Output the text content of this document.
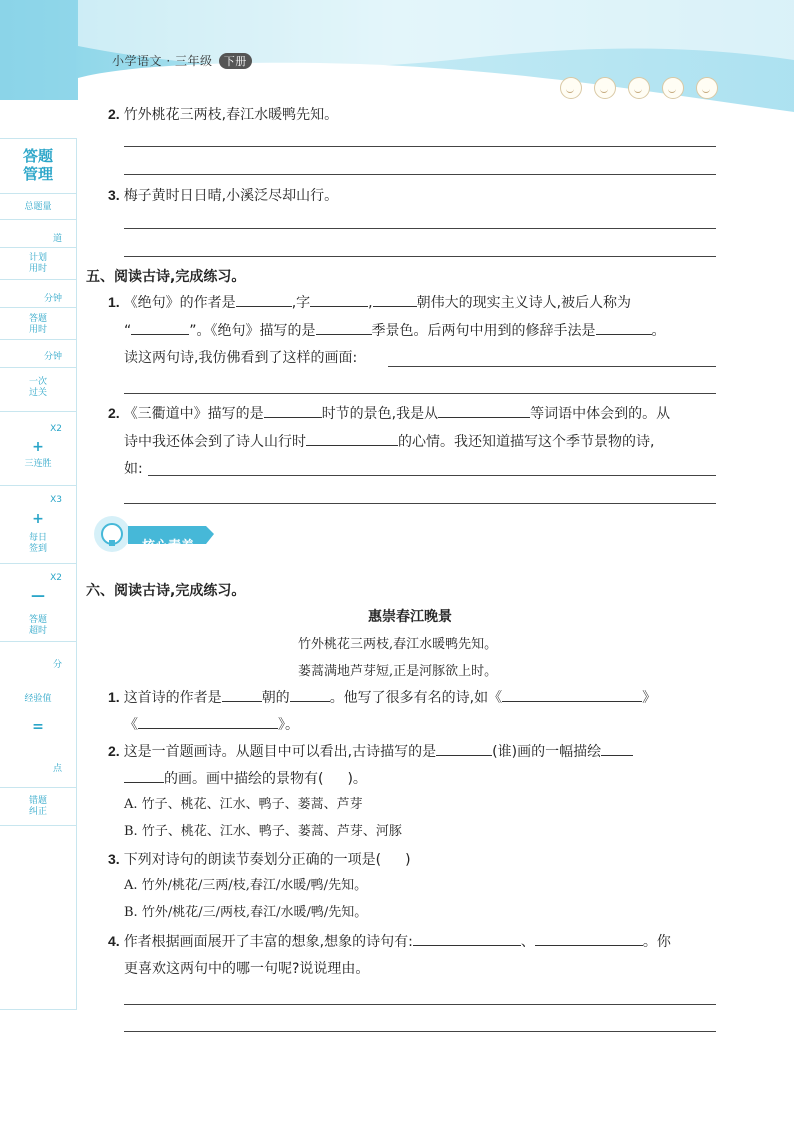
小学语文 · 三年级 下册
答题
管理
总题量
道
计划
用时
分钟
答题
用时
分钟
一次
过关
X2
+
三连胜
X3
+
每日
签到
X2
—
答题
超时
分
经验值
=
点
错题
纠正
2. 竹外桃花三两枝,春江水暖鸭先知。
3. 梅子黄时日日晴,小溪泛尽却山行。
五、阅读古诗,完成练习。
1. 《绝句》的作者是	,字	,	朝伟大的现实主义诗人,被后人称为
“	”。《绝句》描写的是	季景色。后两句中用到的修辞手法是	。
读这两句诗,我仿佛看到了这样的画面:
2. 《三衢道中》描写的是	时节的景色,我是从	等词语中体会到的。从
诗中我还体会到了诗人山行时	的心情。我还知道描写这个季节景物的诗,
如:
核心素养
六、阅读古诗,完成练习。
惠崇春江晚景
竹外桃花三两枝,春江水暖鸭先知。
蒌蒿满地芦芽短,正是河豚欲上时。
1. 这首诗的作者是	朝的	。他写了很多有名的诗,如《	》
《	》。
2. 这是一首题画诗。从题目中可以看出,古诗描写的是	(谁)画的一幅描绘
的画。画中描绘的景物有( )。
A. 竹子、桃花、江水、鸭子、蒌蒿、芦芽
B. 竹子、桃花、江水、鸭子、蒌蒿、芦芽、河豚
3. 下列对诗句的朗读节奏划分正确的一项是( )
A. 竹外/桃花/三两/枝,春江/水暖/鸭/先知。
B. 竹外/桃花/三/两枝,春江/水暖/鸭/先知。
4. 作者根据画面展开了丰富的想象,想象的诗句有:	、	。你
更喜欢这两句中的哪一句呢?说说理由。
